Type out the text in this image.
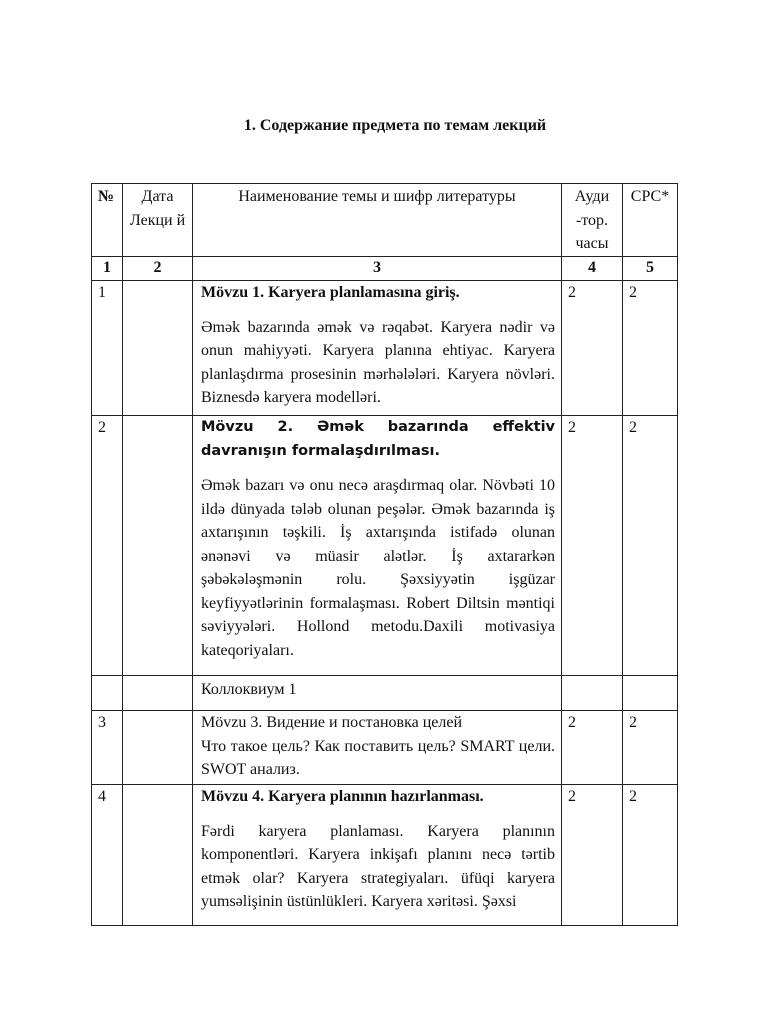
1. Содержание предмета по темам лекций
№	Дата Лекци й	Наименование темы и шифр литературы	Ауди -тор. часы	СРС*
1	2	3	4	5
1		Mövzu 1. Karyera planlamasına giriş.
Əmək bazarında əmək və rəqabət. Karyera nədir və onun mahiyyəti. Karyera planına ehtiyac. Karyera planlaşdırma prosesinin mərhələləri. Karyera növləri. Biznesdə karyera modelləri.	2	2
2		Mövzu 2. Əmək bazarında effektiv davranışın formalaşdırılması.
Əmək bazarı və onu necə araşdırmaq olar. Növbəti 10 ildə dünyada tələb olunan peşələr. Əmək bazarında iş axtarışının təşkili. İş axtarışında istifadə olunan ənənəvi və müasir alətlər. İş axtararkən şəbəkələşmənin rolu. Şəxsiyyətin işgüzar keyfiyyətlərinin formalaşması. Robert Diltsin məntiqi səviyyələri. Hollond metodu.Daxili motivasiya kateqoriyaları.	2	2
		Коллоквиум 1		
3		Mövzu 3. Видение и постановка целей
Что такое цель? Как поставить цель? SMART цели. SWOT анализ.	2	2
4		Mövzu 4. Karyera planının hazırlanması.
Fərdi karyera planlaması. Karyera planının komponentləri. Karyera inkişafı planını necə tərtib etmək olar? Karyera strategiyaları. üfüqi karyera yumsəlişinin üstünlükleri. Karyera xəritəsi. Şəxsi	2	2
